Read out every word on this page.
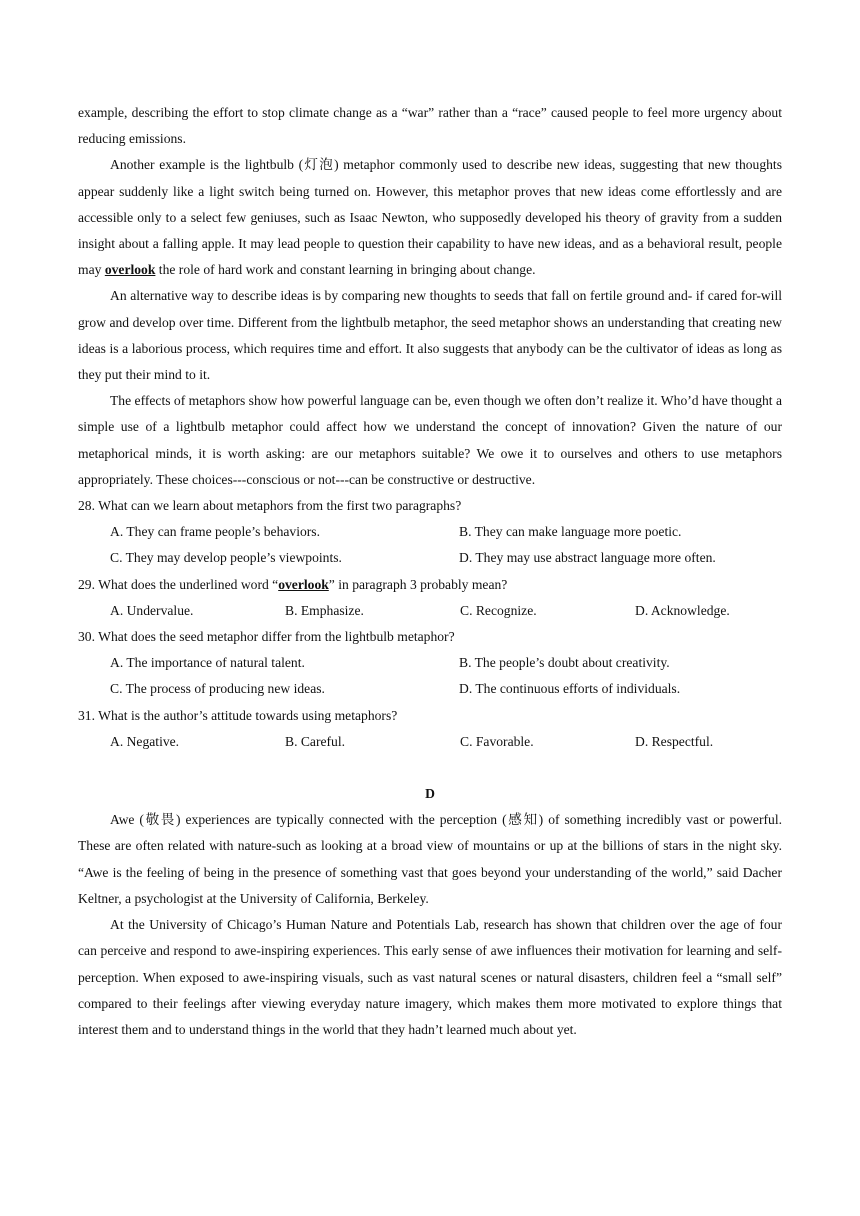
example, describing the effort to stop climate change as a “war” rather than a “race” caused people to feel more urgency about reducing emissions.

Another example is the lightbulb (灯泡) metaphor commonly used to describe new ideas, suggesting that new thoughts appear suddenly like a light switch being turned on. However, this metaphor proves that new ideas come effortlessly and are accessible only to a select few geniuses, such as Isaac Newton, who supposedly developed his theory of gravity from a sudden insight about a falling apple. It may lead people to question their capability to have new ideas, and as a behavioral result, people may overlook the role of hard work and constant learning in bringing about change.

An alternative way to describe ideas is by comparing new thoughts to seeds that fall on fertile ground and- if cared for-will grow and develop over time. Different from the lightbulb metaphor, the seed metaphor shows an understanding that creating new ideas is a laborious process, which requires time and effort. It also suggests that anybody can be the cultivator of ideas as long as they put their mind to it.

The effects of metaphors show how powerful language can be, even though we often don’t realize it. Who’d have thought a simple use of a lightbulb metaphor could affect how we understand the concept of innovation? Given the nature of our metaphorical minds, it is worth asking: are our metaphors suitable? We owe it to ourselves and others to use metaphors appropriately. These choices---conscious or not---can be constructive or destructive.

28. What can we learn about metaphors from the first two paragraphs?

A. They can frame people’s behaviors.	B. They can make language more poetic.
C. They may develop people’s viewpoints.	D. They may use abstract language more often.

29. What does the underlined word “overlook” in paragraph 3 probably mean?

A. Undervalue.	B. Emphasize.	C. Recognize.	D. Acknowledge.

30. What does the seed metaphor differ from the lightbulb metaphor?

A. The importance of natural talent.	B. The people’s doubt about creativity.
C. The process of producing new ideas.	D. The continuous efforts of individuals.

31. What is the author’s attitude towards using metaphors?

A. Negative.	B. Careful.	C. Favorable.	D. Respectful.

D

Awe (敬畏) experiences are typically connected with the perception (感知) of something incredibly vast or powerful. These are often related with nature-such as looking at a broad view of mountains or up at the billions of stars in the night sky. “Awe is the feeling of being in the presence of something vast that goes beyond your understanding of the world,” said Dacher Keltner, a psychologist at the University of California, Berkeley.

At the University of Chicago’s Human Nature and Potentials Lab, research has shown that children over the age of four can perceive and respond to awe-inspiring experiences. This early sense of awe influences their motivation for learning and self-perception. When exposed to awe-inspiring visuals, such as vast natural scenes or natural disasters, children feel a “small self” compared to their feelings after viewing everyday nature imagery, which makes them more motivated to explore things that interest them and to understand things in the world that they hadn’t learned much about yet.
